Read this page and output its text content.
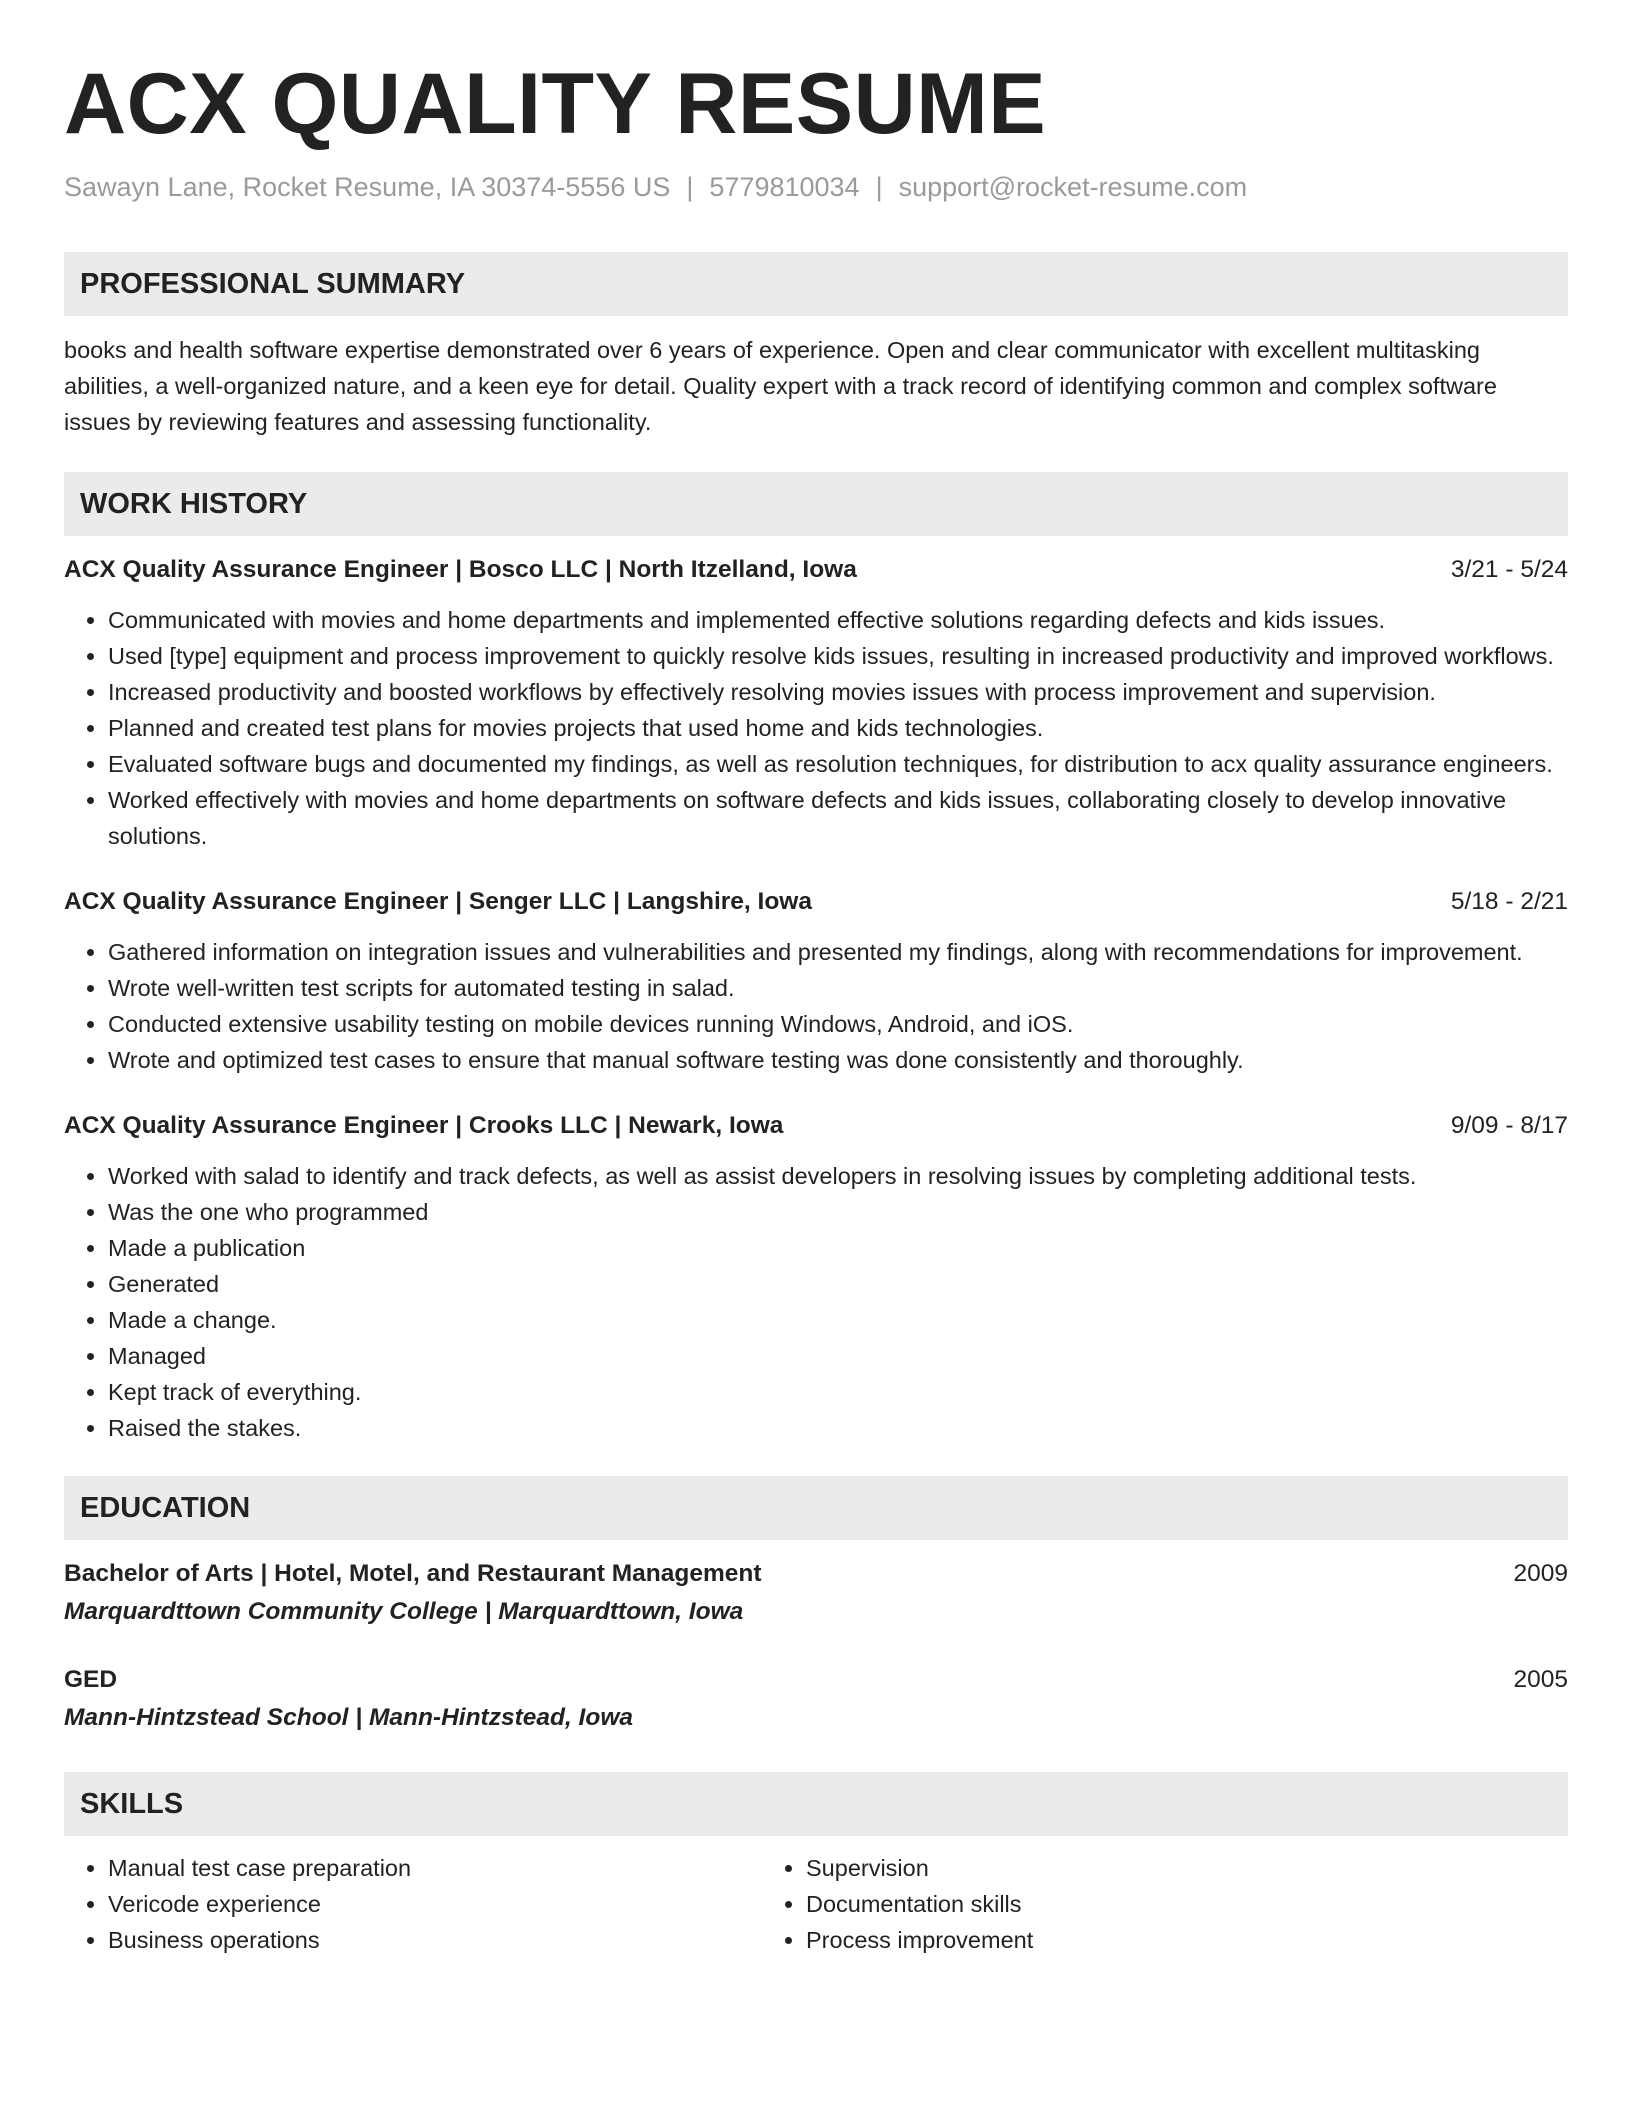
ACX QUALITY RESUME
Sawayn Lane, Rocket Resume, IA 30374-5556 US | 5779810034 | support@rocket-resume.com
PROFESSIONAL SUMMARY
books and health software expertise demonstrated over 6 years of experience. Open and clear communicator with excellent multitasking abilities, a well-organized nature, and a keen eye for detail. Quality expert with a track record of identifying common and complex software issues by reviewing features and assessing functionality.
WORK HISTORY
ACX Quality Assurance Engineer | Bosco LLC | North Itzelland, Iowa	3/21 - 5/24
• Communicated with movies and home departments and implemented effective solutions regarding defects and kids issues.
• Used [type] equipment and process improvement to quickly resolve kids issues, resulting in increased productivity and improved workflows.
• Increased productivity and boosted workflows by effectively resolving movies issues with process improvement and supervision.
• Planned and created test plans for movies projects that used home and kids technologies.
• Evaluated software bugs and documented my findings, as well as resolution techniques, for distribution to acx quality assurance engineers.
• Worked effectively with movies and home departments on software defects and kids issues, collaborating closely to develop innovative solutions.
ACX Quality Assurance Engineer | Senger LLC | Langshire, Iowa	5/18 - 2/21
• Gathered information on integration issues and vulnerabilities and presented my findings, along with recommendations for improvement.
• Wrote well-written test scripts for automated testing in salad.
• Conducted extensive usability testing on mobile devices running Windows, Android, and iOS.
• Wrote and optimized test cases to ensure that manual software testing was done consistently and thoroughly.
ACX Quality Assurance Engineer | Crooks LLC | Newark, Iowa	9/09 - 8/17
• Worked with salad to identify and track defects, as well as assist developers in resolving issues by completing additional tests.
• Was the one who programmed
• Made a publication
• Generated
• Made a change.
• Managed
• Kept track of everything.
• Raised the stakes.
EDUCATION
Bachelor of Arts | Hotel, Motel, and Restaurant Management	2009
Marquardttown Community College | Marquardttown, Iowa
GED	2005
Mann-Hintzstead School | Mann-Hintzstead, Iowa
SKILLS
• Manual test case preparation
• Vericode experience
• Business operations
• Supervision
• Documentation skills
• Process improvement
